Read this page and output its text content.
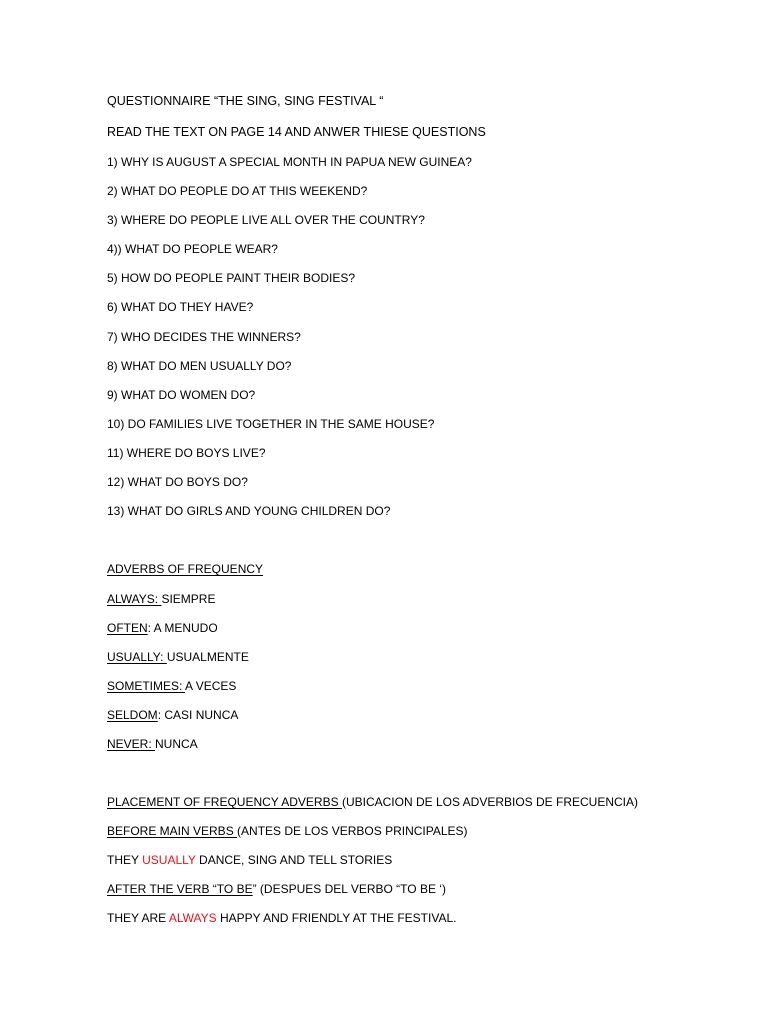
QUESTIONNAIRE “THE SING, SING FESTIVAL “
READ THE TEXT ON PAGE 14 AND ANWER THIESE QUESTIONS
1) WHY IS AUGUST A SPECIAL MONTH IN PAPUA NEW GUINEA?
2) WHAT DO PEOPLE DO AT THIS WEEKEND?
3) WHERE DO PEOPLE LIVE ALL OVER THE COUNTRY?
4)) WHAT DO PEOPLE WEAR?
5) HOW DO PEOPLE PAINT THEIR BODIES?
6) WHAT DO THEY HAVE?
7) WHO DECIDES THE WINNERS?
8) WHAT DO MEN USUALLY DO?
9) WHAT DO WOMEN DO?
10) DO FAMILIES LIVE TOGETHER IN THE SAME HOUSE?
11) WHERE DO BOYS LIVE?
12) WHAT DO BOYS DO?
13) WHAT DO GIRLS AND YOUNG CHILDREN DO?
ADVERBS OF FREQUENCY
ALWAYS: SIEMPRE
OFTEN: A MENUDO
USUALLY: USUALMENTE
SOMETIMES: A VECES
SELDOM: CASI NUNCA
NEVER: NUNCA
PLACEMENT OF FREQUENCY ADVERBS (UBICACION DE LOS ADVERBIOS DE FRECUENCIA)
BEFORE MAIN VERBS (ANTES DE LOS VERBOS PRINCIPALES)
THEY USUALLY DANCE, SING AND TELL STORIES
AFTER THE VERB “TO BE” (DESPUES DEL VERBO “TO BE ‘)
THEY ARE ALWAYS HAPPY AND FRIENDLY AT THE FESTIVAL.
